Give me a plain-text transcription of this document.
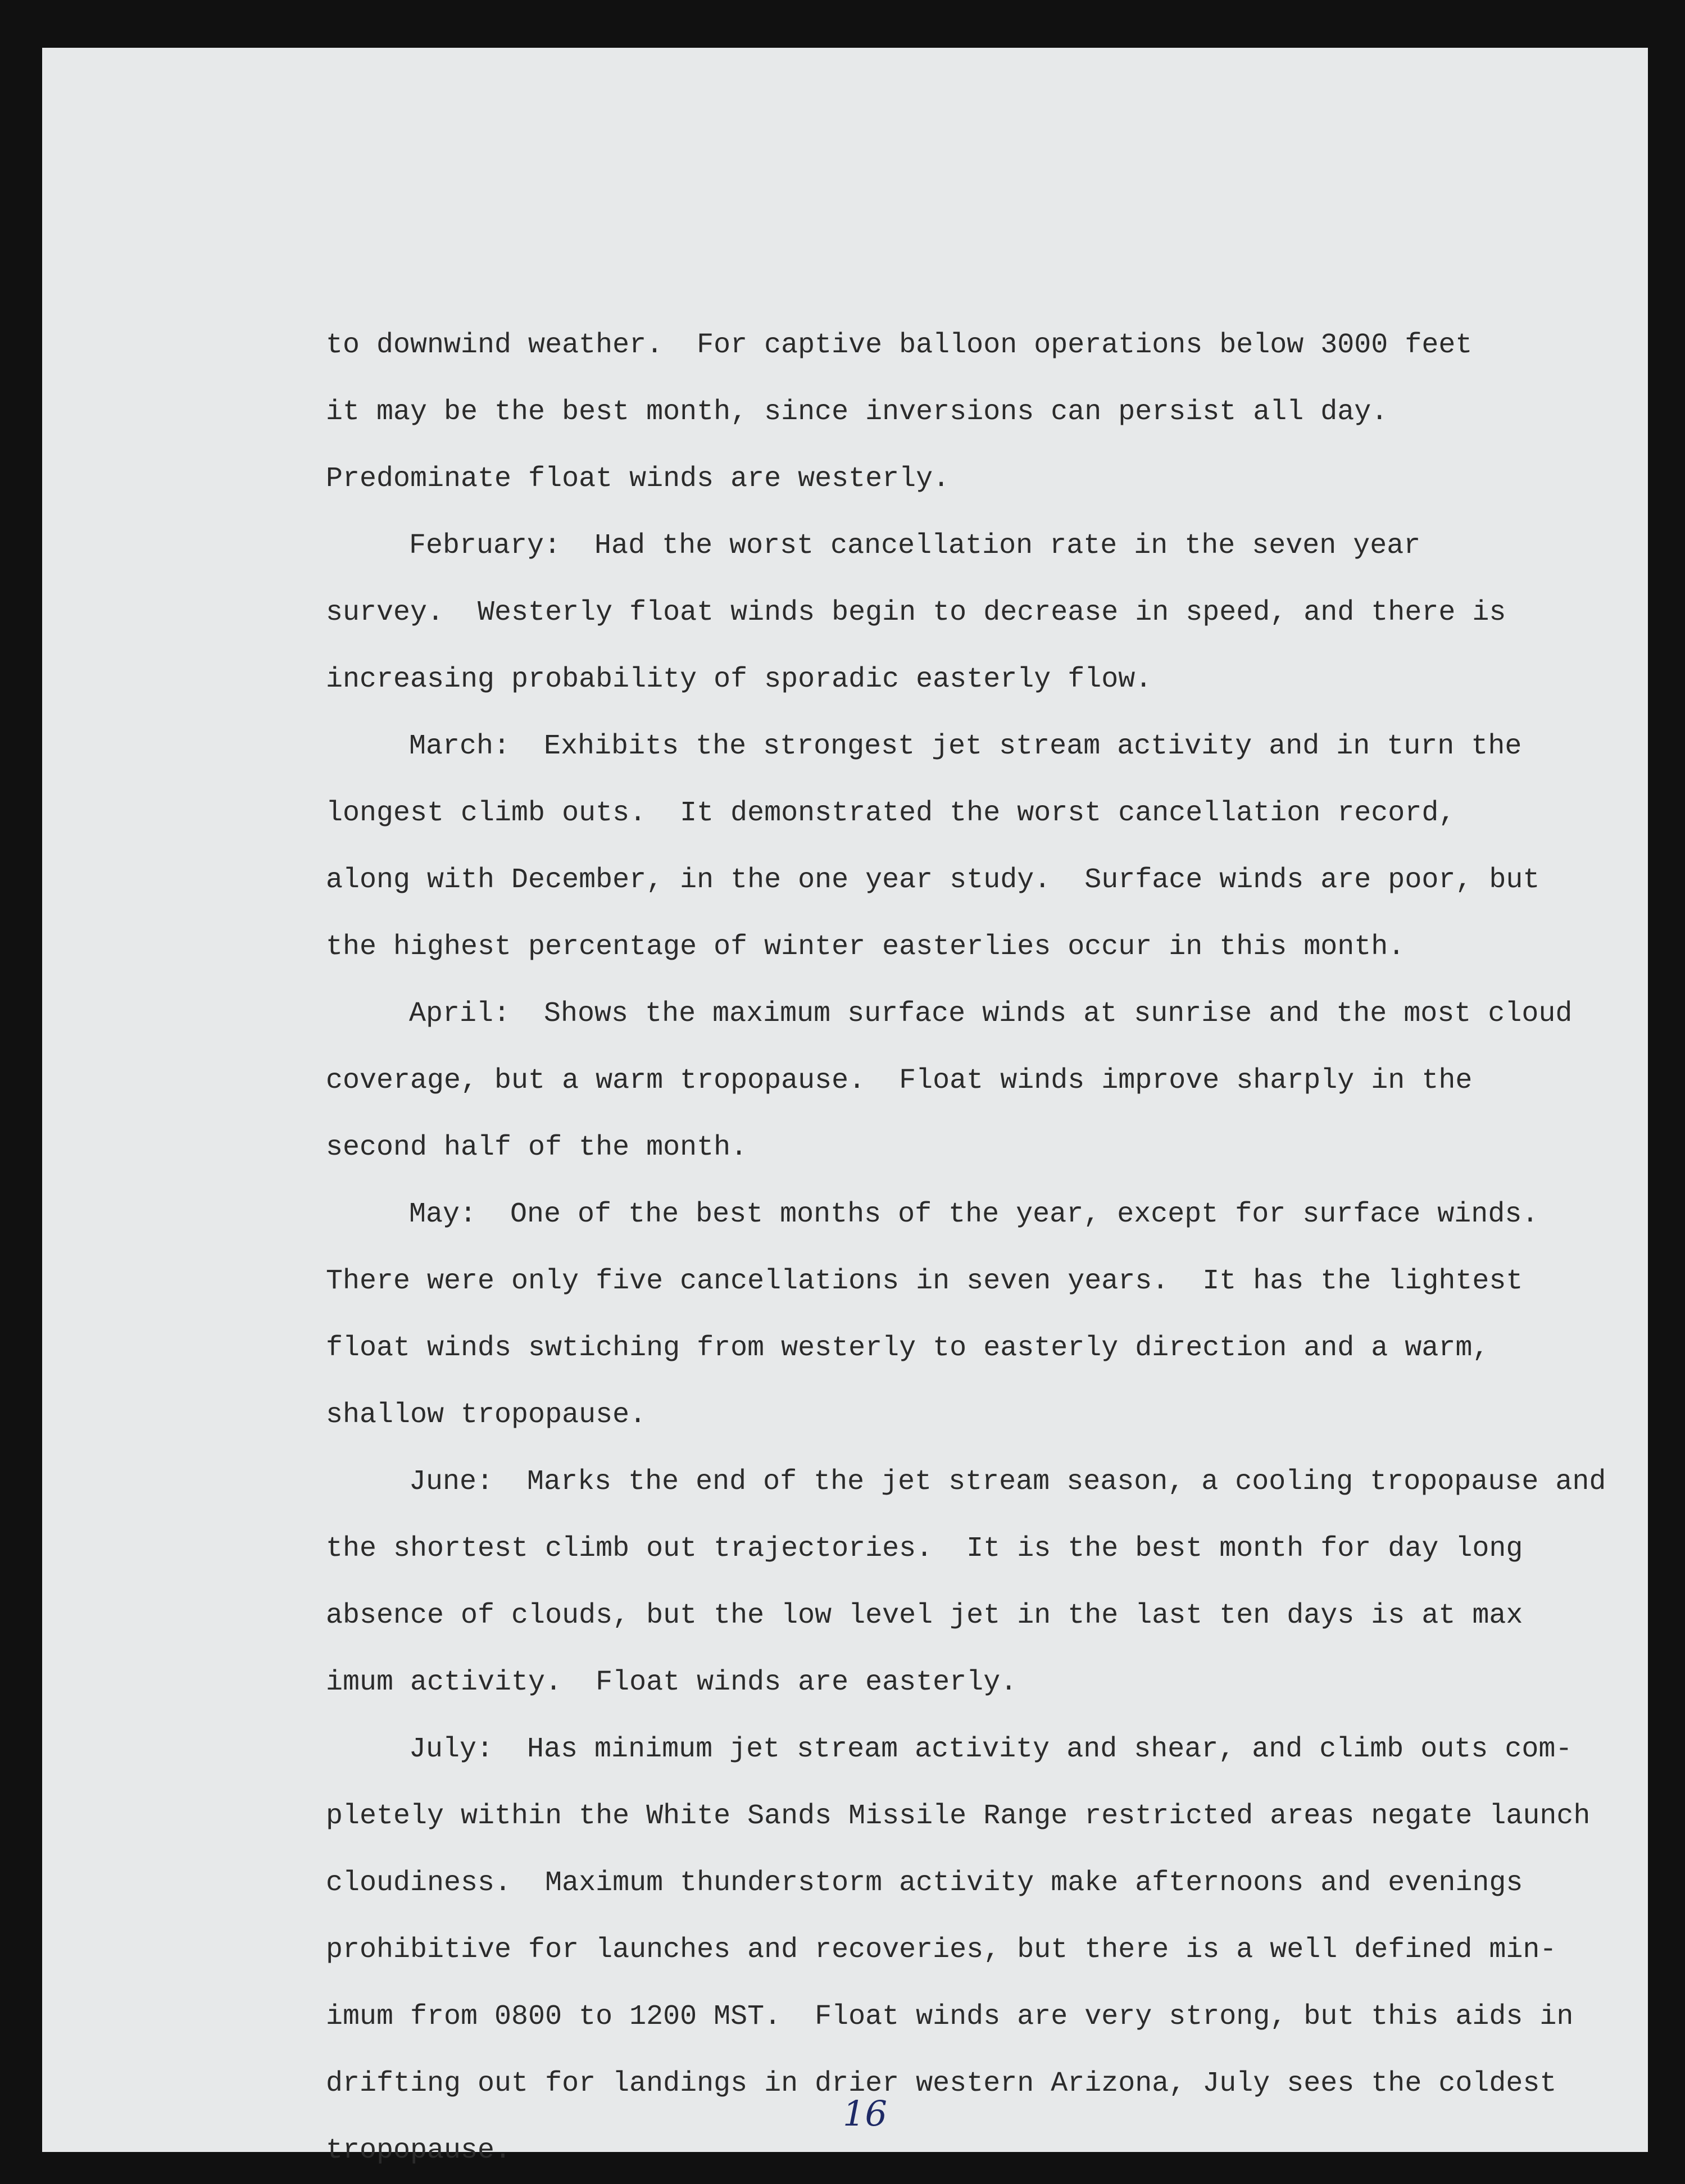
to downwind weather.  For captive balloon operations below 3000 feet
it may be the best month, since inversions can persist all day.
Predominate float winds are westerly.
February:  Had the worst cancellation rate in the seven year
survey.  Westerly float winds begin to decrease in speed, and there is
increasing probability of sporadic easterly flow.
March:  Exhibits the strongest jet stream activity and in turn the
longest climb outs.  It demonstrated the worst cancellation record,
along with December, in the one year study.  Surface winds are poor, but
the highest percentage of winter easterlies occur in this month.
April:  Shows the maximum surface winds at sunrise and the most cloud
coverage, but a warm tropopause.  Float winds improve sharply in the
second half of the month.
May:  One of the best months of the year, except for surface winds.
There were only five cancellations in seven years.  It has the lightest
float winds swtiching from westerly to easterly direction and a warm,
shallow tropopause.
June:  Marks the end of the jet stream season, a cooling tropopause and
the shortest climb out trajectories.  It is the best month for day long
absence of clouds, but the low level jet in the last ten days is at max
imum activity.  Float winds are easterly.
July:  Has minimum jet stream activity and shear, and climb outs com-
pletely within the White Sands Missile Range restricted areas negate launch
cloudiness.  Maximum thunderstorm activity make afternoons and evenings
prohibitive for launches and recoveries, but there is a well defined min-
imum from 0800 to 1200 MST.  Float winds are very strong, but this aids in
drifting out for landings in drier western Arizona, July sees the coldest
tropopause.
16
